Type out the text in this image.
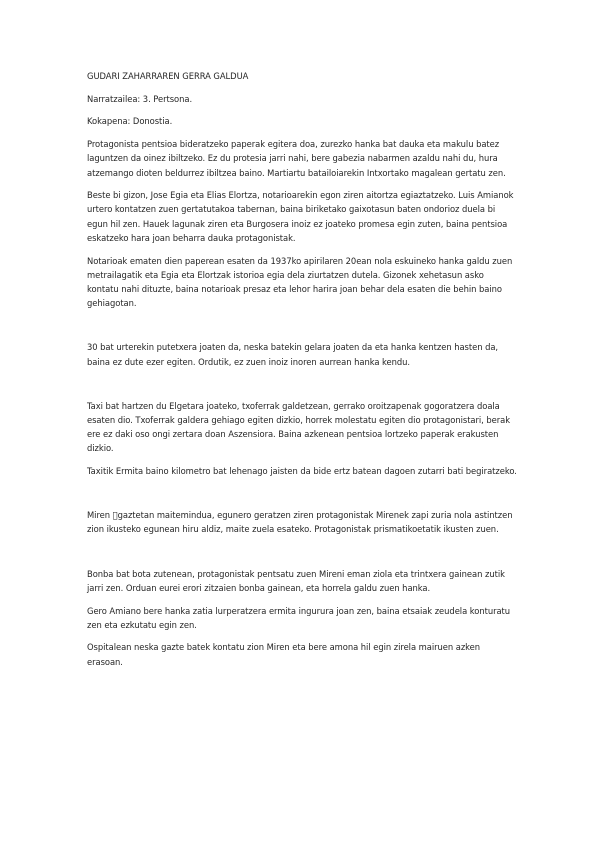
GUDARI ZAHARRAREN GERRA GALDUA

Narratzailea: 3. Pertsona.

Kokapena: Donostia.

Protagonista pentsioa bideratzeko paperak egitera doa, zurezko hanka bat dauka eta makulu batez laguntzen da oinez ibiltzeko. Ez du protesia jarri nahi, bere gabezia nabarmen azaldu nahi du, hura atzemango dioten beldurrez ibiltzea baino. Martiartu batailoiarekin Intxortako magalean gertatu zen.

Beste bi gizon, Jose Egia eta Elias Elortza, notarioarekin egon ziren aitortza egiaztatzeko. Luis Amianok urtero kontatzen zuen gertatutakoa tabernan, baina biriketako gaixotasun baten ondorioz duela bi egun hil zen. Hauek lagunak ziren eta Burgosera inoiz ez joateko promesa egin zuten, baina pentsioa eskatzeko hara joan beharra dauka protagonistak.

Notarioak ematen dien paperean esaten da 1937ko apirilaren 20ean nola eskuineko hanka galdu zuen metrailagatik eta Egia eta Elortzak istorioa egia dela ziurtatzen dutela. Gizonek xehetasun asko kontatu nahi dituzte, baina notarioak presaz eta lehor harira joan behar dela esaten die behin baino gehiagotan.

30 bat urterekin putetxera joaten da, neska batekin gelara joaten da eta hanka kentzen hasten da, baina ez dute ezer egiten. Ordutik, ez zuen inoiz inoren aurrean hanka kendu.

Taxi bat hartzen du Elgetara joateko, txoferrak galdetzean, gerrako oroitzapenak gogoratzera doala esaten dio. Txoferrak galdera gehiago egiten dizkio, horrek molestatu egiten dio protagonistari, berak ere ez daki oso ongi zertara doan Aszensiora. Baina azkenean pentsioa lortzeko paperak erakusten dizkio.

Taxitik Ermita baino kilometro bat lehenago jaisten da bide ertz batean dagoen zutarri bati begiratzeko.

Miren ￿gaztetan maitemindua, egunero geratzen ziren protagonistak Mirenek zapi zuria nola astintzen zion ikusteko egunean hiru aldiz, maite zuela esateko. Protagonistak prismatikoetatik ikusten zuen.

Bonba bat bota zutenean, protagonistak pentsatu zuen Mireni eman ziola eta trintxera gainean zutik jarri zen. Orduan eurei erori zitzaien bonba gainean, eta horrela galdu zuen hanka.

Gero Amiano bere hanka zatia lurperatzera ermita ingurura joan zen, baina etsaiak zeudela konturatu zen eta ezkutatu egin zen.

Ospitalean neska gazte batek kontatu zion Miren eta bere amona hil egin zirela mairuen azken erasoan.
